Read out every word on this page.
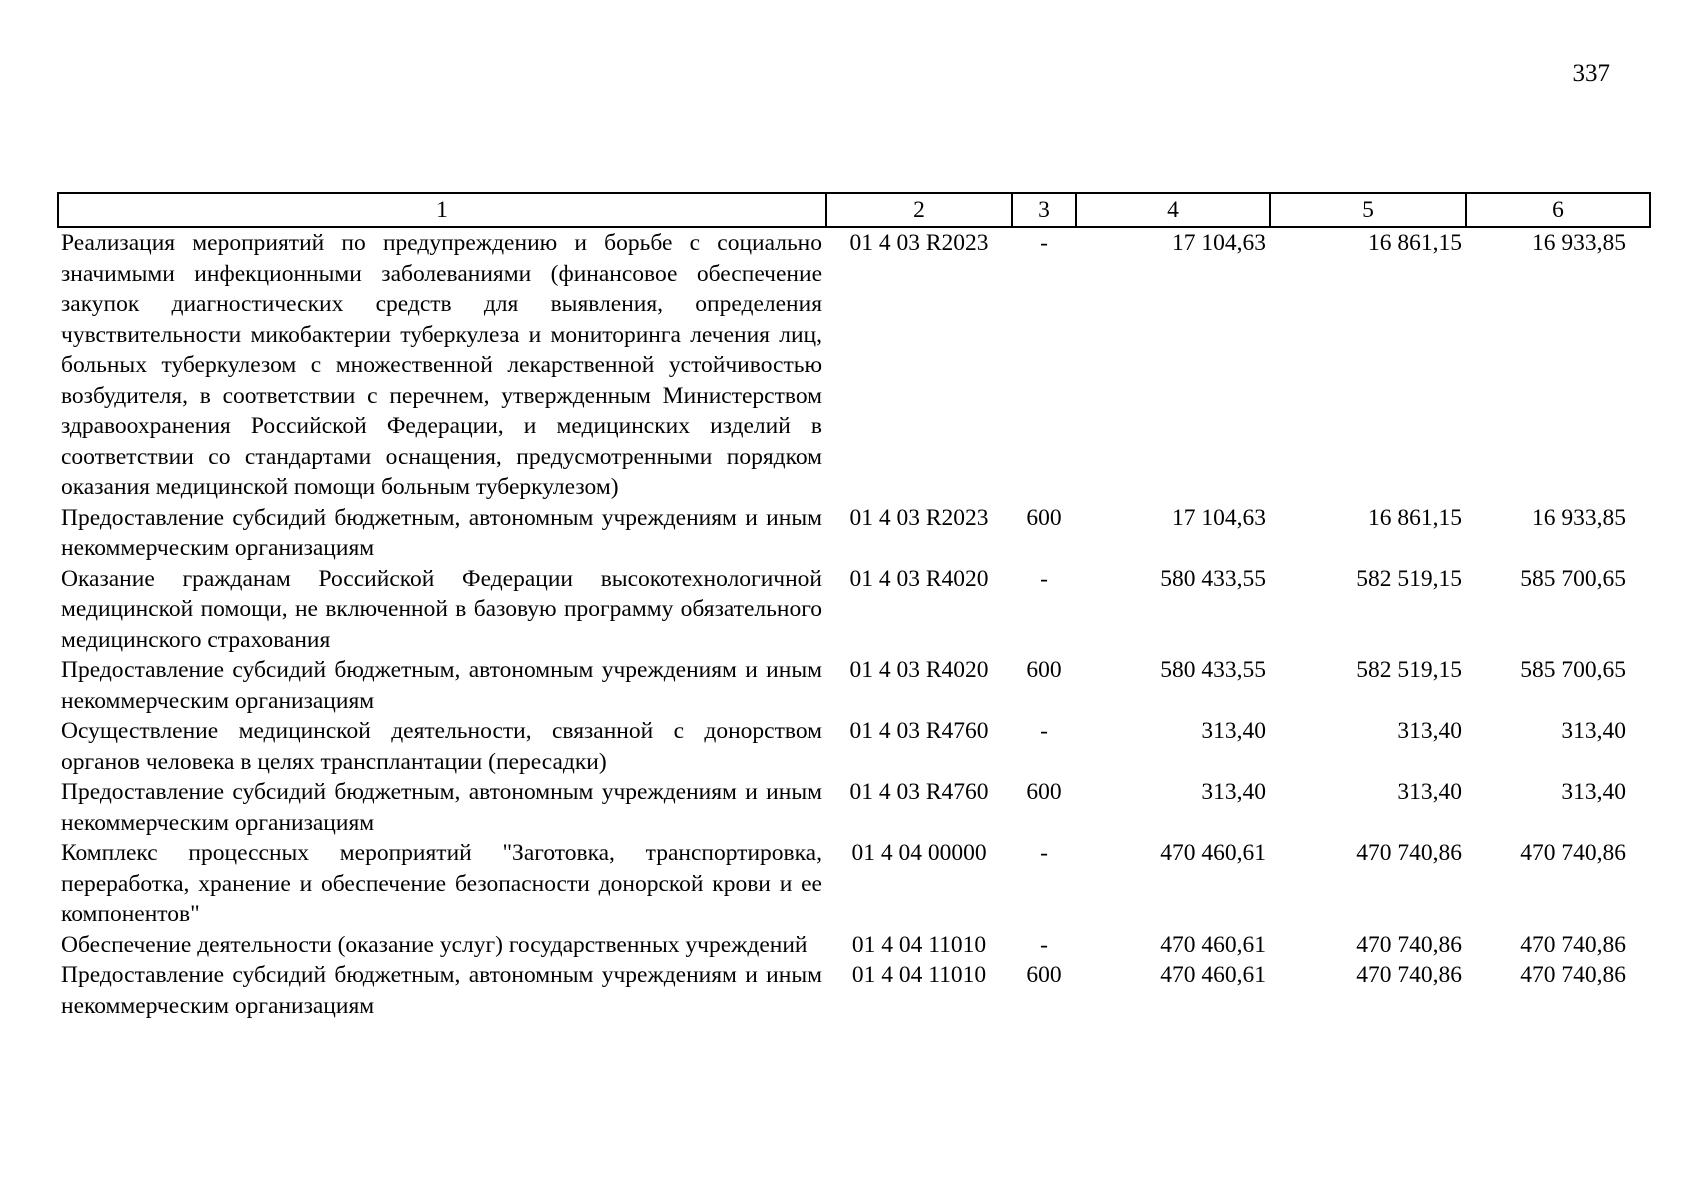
337
1	2	3	4	5	6
Реализация мероприятий по предупреждению и борьбе с социально значимыми инфекционными заболеваниями (финансовое обеспечение закупок диагностических средств для выявления, определения чувствительности микобактерии туберкулеза и мониторинга лечения лиц, больных туберкулезом с множественной лекарственной устойчивостью возбудителя, в соответствии с перечнем, утвержденным Министерством здравоохранения Российской Федерации, и медицинских изделий в соответствии со стандартами оснащения, предусмотренными порядком оказания медицинской помощи больным туберкулезом)	01 4 03 R2023	-	17 104,63	16 861,15	16 933,85
Предоставление субсидий бюджетным, автономным учреждениям и иным некоммерческим организациям	01 4 03 R2023	600	17 104,63	16 861,15	16 933,85
Оказание гражданам Российской Федерации высокотехнологичной медицинской помощи, не включенной в базовую программу обязательного медицинского страхования	01 4 03 R4020	-	580 433,55	582 519,15	585 700,65
Предоставление субсидий бюджетным, автономным учреждениям и иным некоммерческим организациям	01 4 03 R4020	600	580 433,55	582 519,15	585 700,65
Осуществление медицинской деятельности, связанной с донорством органов человека в целях трансплантации (пересадки)	01 4 03 R4760	-	313,40	313,40	313,40
Предоставление субсидий бюджетным, автономным учреждениям и иным некоммерческим организациям	01 4 03 R4760	600	313,40	313,40	313,40
Комплекс процессных мероприятий "Заготовка, транспортировка, переработка, хранение и обеспечение безопасности донорской крови и ее компонентов"	01 4 04 00000	-	470 460,61	470 740,86	470 740,86
Обеспечение деятельности (оказание услуг) государственных учреждений	01 4 04 11010	-	470 460,61	470 740,86	470 740,86
Предоставление субсидий бюджетным, автономным учреждениям и иным некоммерческим организациям	01 4 04 11010	600	470 460,61	470 740,86	470 740,86
